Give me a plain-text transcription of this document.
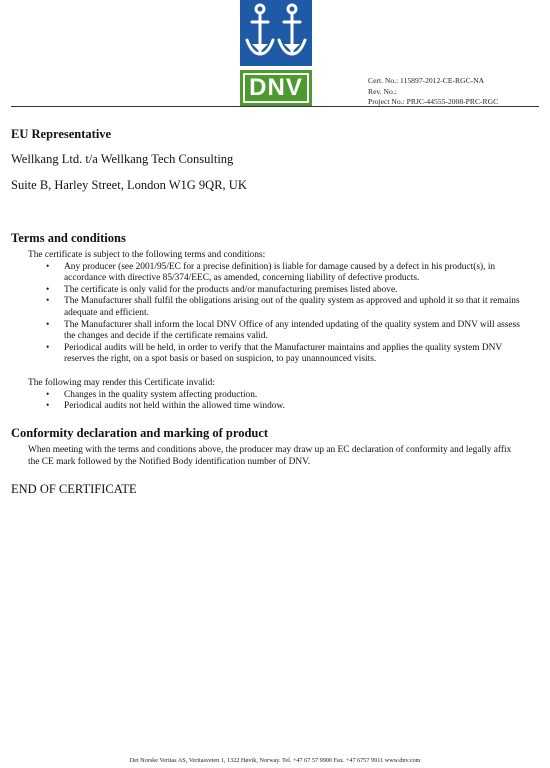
DNV	Cert. No.: 115897-2012-CE-RGC-NA
Rev. No.:
Project No.: PRJC-44555-2008-PRC-RGC
EU Representative
Wellkang Ltd. t/a Wellkang Tech Consulting
Suite B, Harley Street, London W1G 9QR, UK
Terms and conditions
The certificate is subject to the following terms and conditions:
• Any producer (see 2001/95/EC for a precise definition) is liable for damage caused by a defect in his product(s), in accordance with directive 85/374/EEC, as amended, concerning liability of defective products.
• The certificate is only valid for the products and/or manufacturing premises listed above.
• The Manufacturer shall fulfil the obligations arising out of the quality system as approved and uphold it so that it remains adequate and efficient.
• The Manufacturer shall inform the local DNV Office of any intended updating of the quality system and DNV will assess the changes and decide if the certificate remains valid.
• Periodical audits will be held, in order to verify that the Manufacturer maintains and applies the quality system DNV reserves the right, on a spot basis or based on suspicion, to pay unannounced visits.
The following may render this Certificate invalid:
• Changes in the quality system affecting production.
• Periodical audits not held within the allowed time window.
Conformity declaration and marking of product
When meeting with the terms and conditions above, the producer may draw up an EC declaration of conformity and legally affix the CE mark followed by the Notified Body identification number of DNV.
END OF CERTIFICATE
Det Norske Veritas AS, Veritasveien 1, 1322 Høvik, Norway. Tel. +47 67 57 9900 Fax. +47 6757 9911 www.dnv.com
